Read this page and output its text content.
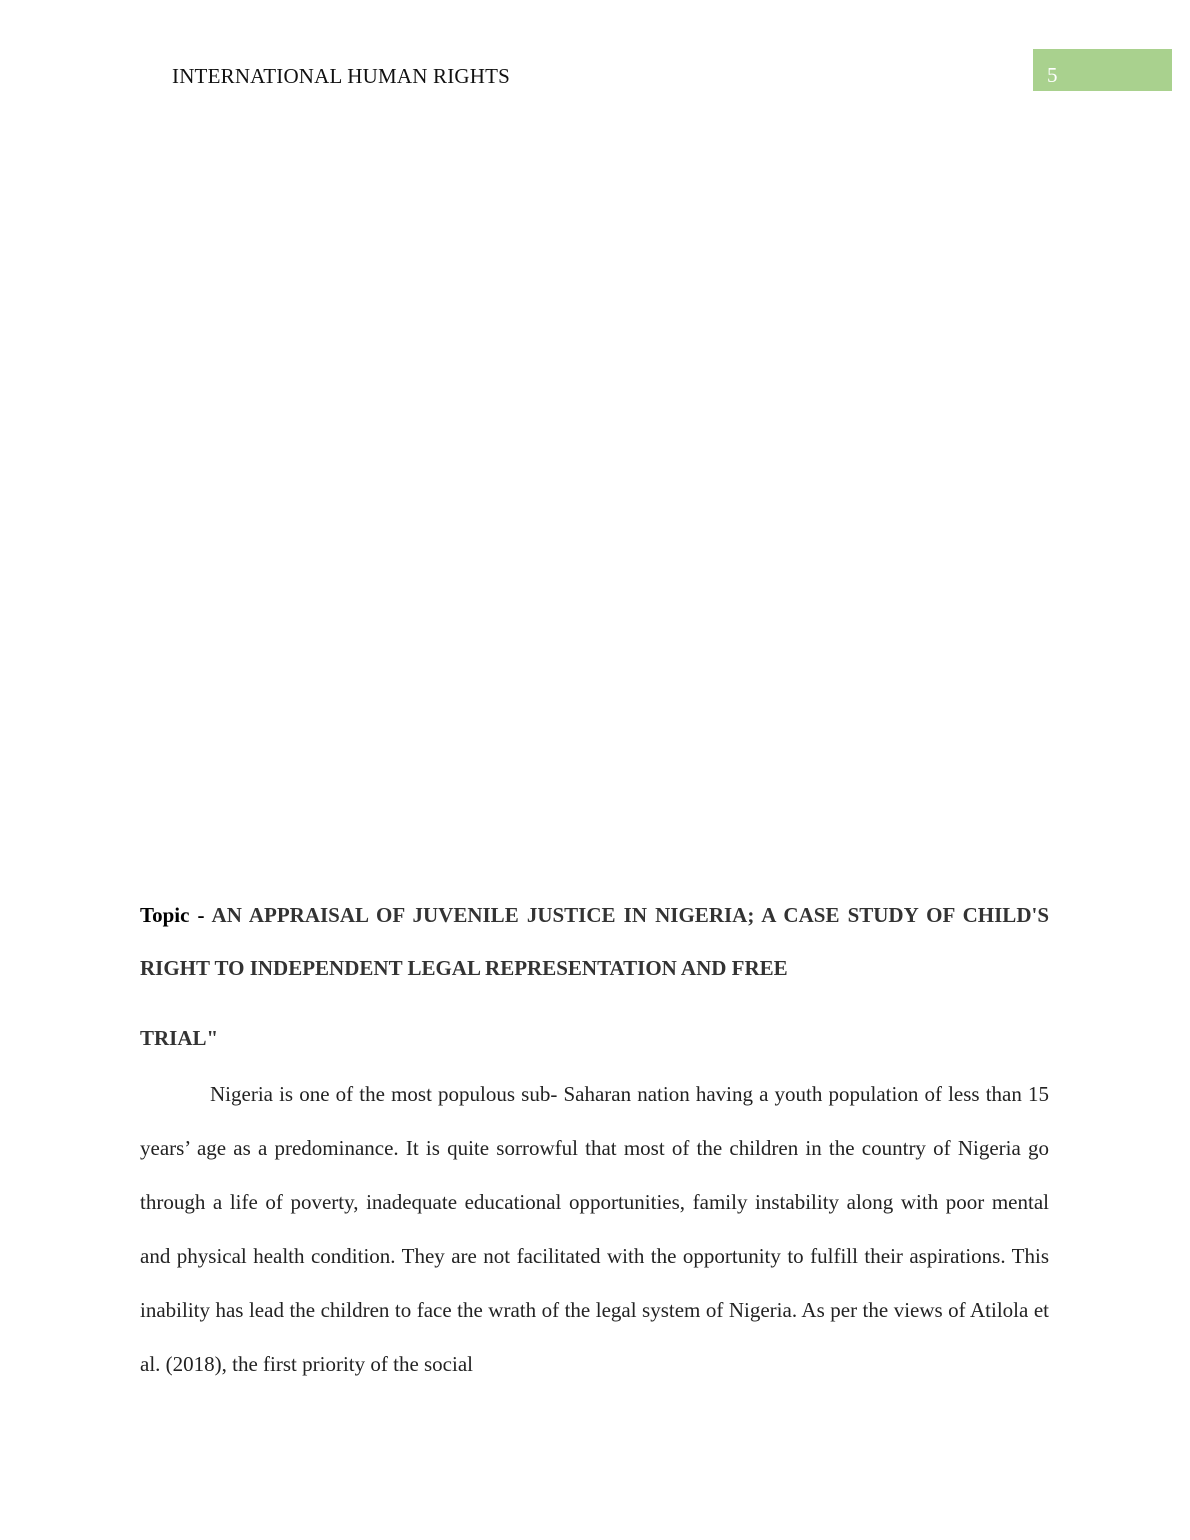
INTERNATIONAL HUMAN RIGHTS	5

Topic - AN APPRAISAL OF JUVENILE JUSTICE IN NIGERIA; A CASE STUDY OF CHILD'S RIGHT TO INDEPENDENT LEGAL REPRESENTATION AND FREE
TRIAL"

Nigeria is one of the most populous sub- Saharan nation having a youth population of less than 15 years’ age as a predominance. It is quite sorrowful that most of the children in the country of Nigeria go through a life of poverty, inadequate educational opportunities, family instability along with poor mental and physical health condition. They are not facilitated with the opportunity to fulfill their aspirations. This inability has lead the children to face the wrath of the legal system of Nigeria. As per the views of Atilola et al. (2018), the first priority of the social
